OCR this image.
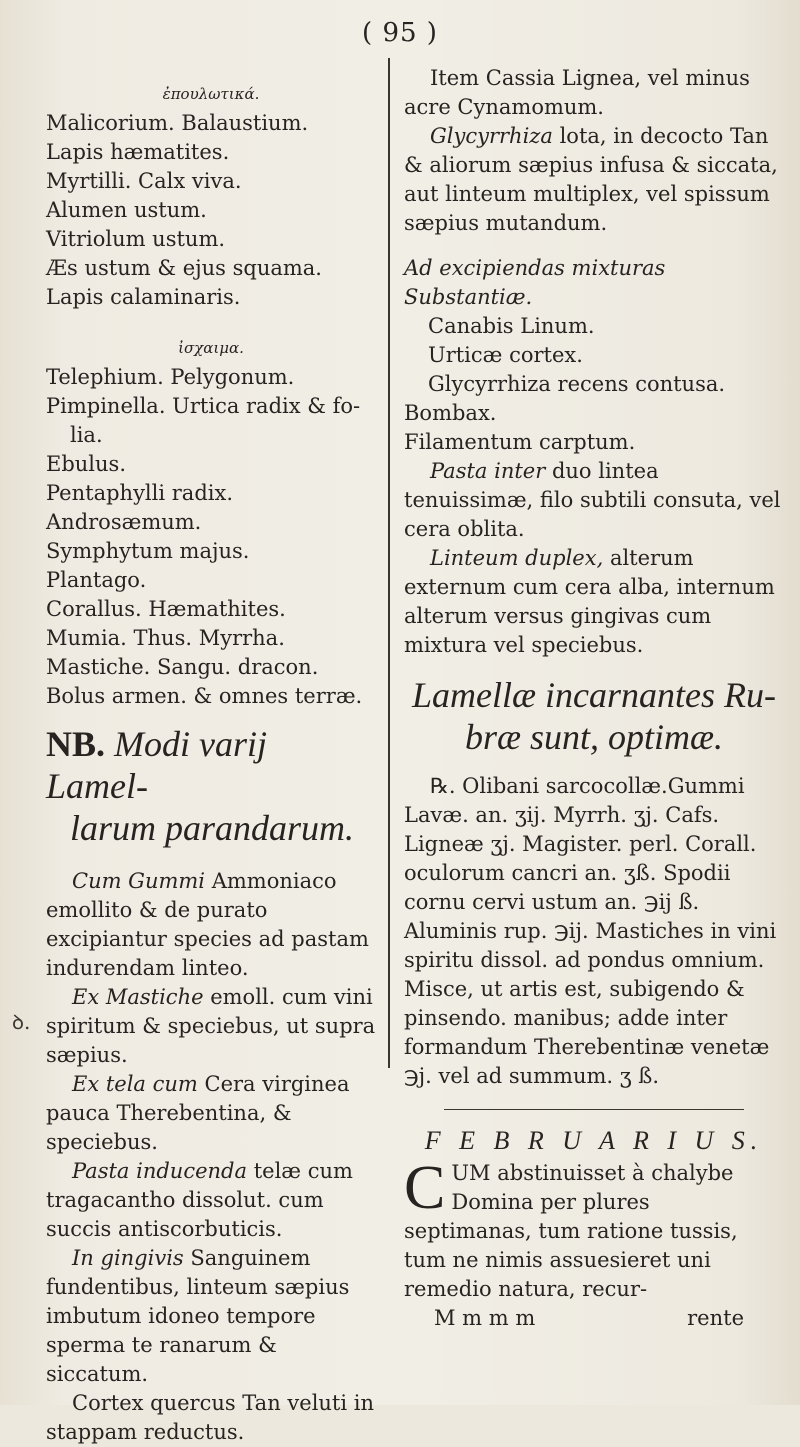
( 95 )
ꝺ.

ἐπουλωτικά.

Malicorium. Balaustium.

Lapis hæmatites.

Myrtilli. Calx viva.

Alumen ustum.

Vitriolum ustum.

Æs ustum & ejus squama.

Lapis calaminaris.

ἰσχαιμα.

Telephium. Pelygonum.

Pimpinella. Urtica radix & fo-

lia.

Ebulus.

Pentaphylli radix.

Androsæmum.

Symphytum majus.

Plantago.

Corallus. Hæmathites.

Mumia. Thus. Myrrha.

Mastiche. Sangu. dracon.

Bolus armen. & omnes terræ.

NB. Modi varij Lamel-
larum parandarum.

Cum Gummi Ammoniaco emollito & de purato excipiantur species ad pastam indurendam linteo.

Ex Mastiche emoll. cum vini spiritum & speciebus, ut supra sæpius.

Ex tela cum Cera virginea pauca Therebentina, & speciebus.

Pasta inducenda telæ cum tragacantho dissolut. cum succis antiscorbuticis.

In gingivis Sanguinem fundentibus, linteum sæpius imbutum idoneo tempore sperma te ranarum & siccatum.

Cortex quercus Tan veluti in stappam reductus.

Item Cassia Lignea, vel minus acre Cynamomum.

Glycyrrhiza lota, in decocto Tan & aliorum sæpius infusa & siccata, aut linteum multiplex, vel spissum sæpius mutandum.

Ad excipiendas mixturas Substantiæ.

Canabis Linum.

Urticæ cortex.

Glycyrrhiza recens contusa.

Bombax.

Filamentum carptum.

Pasta inter duo lintea tenuissimæ, filo subtili consuta, vel cera oblita.

Linteum duplex, alterum externum cum cera alba, internum alterum versus gingivas cum mixtura vel speciebus.

Lamellæ incarnantes Ru-
bræ sunt, optimæ.

℞. Olibani sarcocollæ.Gummi Lavæ. an. ʒij. Myrrh. ʒj. Cafs. Ligneæ ʒj. Magister. perl. Corall. oculorum cancri an. ʒß. Spodii cornu cervi ustum an. ℈ij ß. Aluminis rup. ℈ij. Mastiches in vini spiritu dissol. ad pondus omnium. Misce, ut artis est, subigendo & pinsendo. manibus; adde inter formandum Therebentinæ venetæ ℈j. vel ad summum. ʒ ß.

F E B R U A R I U S.

CUM abstinuisset à chalybe Domina per plures septimanas, tum ratione tussis, tum ne nimis assuesieret uni remedio natura, recur-

rente
M m m m
